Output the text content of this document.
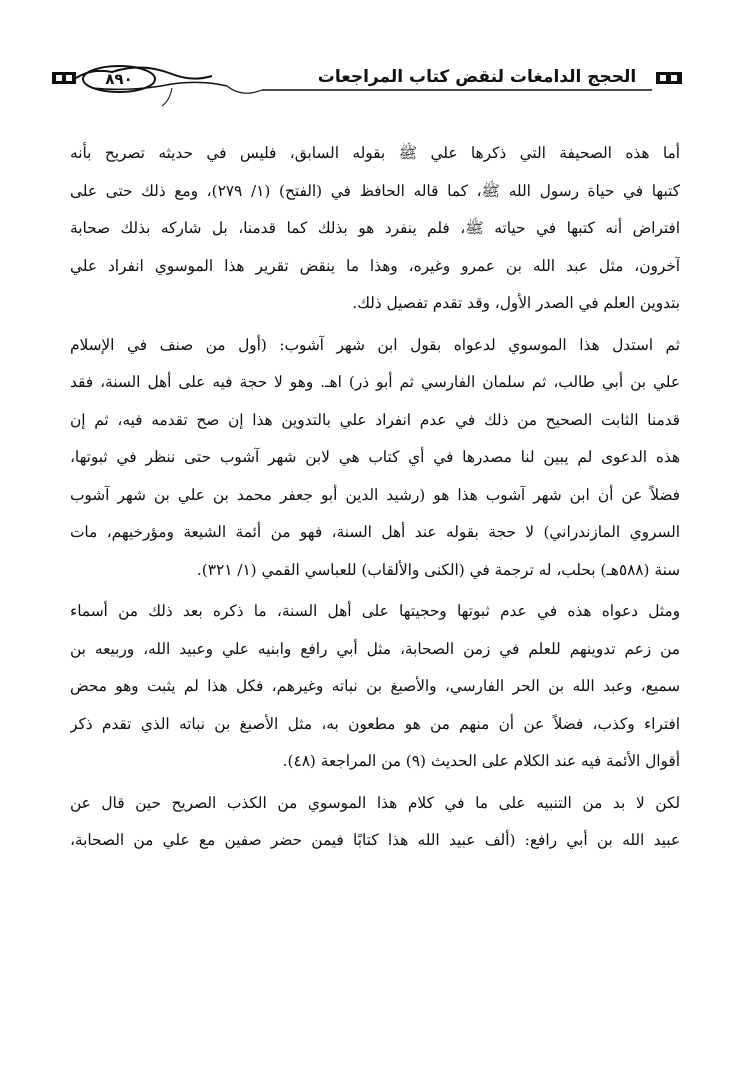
٨٩٠	الحجج الدامغات لنقض كتاب المراجعات
أما هذه الصحيفة التي ذكرها علي ﷺ بقوله السابق، فليس في حديثه تصريح بأنه
كتبها في حياة رسول الله ﷺ، كما قاله الحافظ في (الفتح) (١/ ٢٧٩)، ومع ذلك حتى على
افتراض أنه كتبها في حياته ﷺ، فلم ينفرد هو بذلك كما قدمنا، بل شاركه بذلك صحابة
آخرون، مثل عبد الله بن عمرو وغيره، وهذا ما ينقض تقرير هذا الموسوي انفراد علي
بتدوين العلم في الصدر الأول، وقد تقدم تفصيل ذلك.
ثم استدل هذا الموسوي لدعواه بقول ابن شهر آشوب: (أول من صنف في الإسلام
علي بن أبي طالب، ثم سلمان الفارسي ثم أبو ذر) اهـ. وهو لا حجة فيه على أهل السنة، فقد
قدمنا الثابت الصحيح من ذلك في عدم انفراد علي بالتدوين هذا إن صح تقدمه فيه، ثم إن
هذه الدعوى لم يبين لنا مصدرها في أي كتاب هي لابن شهر آشوب حتى ننظر في ثبوتها،
فضلاً عن أن ابن شهر آشوب هذا هو (رشيد الدين أبو جعفر محمد بن علي بن شهر آشوب
السروي المازندراني) لا حجة بقوله عند أهل السنة، فهو من أئمة الشيعة ومؤرخيهم، مات
سنة (٥٨٨هـ) بحلب، له ترجمة في (الكنى والألقاب) للعباسي القمي (١/ ٣٢١).
ومثل دعواه هذه في عدم ثبوتها وحجيتها على أهل السنة، ما ذكره بعد ذلك من أسماء
من زعم تدوينهم للعلم في زمن الصحابة، مثل أبي رافع وابنيه علي وعبيد الله، وربيعه بن
سميع، وعبد الله بن الحر الفارسي، والأصبغ بن نباته وغيرهم، فكل هذا لم يثبت وهو محض
افتراء وكذب، فضلاً عن أن منهم من هو مطعون به، مثل الأصبغ بن نباته الذي تقدم ذكر
أقوال الأئمة فيه عند الكلام على الحديث (٩) من المراجعة (٤٨).
لكن لا بد من التنبيه على ما في كلام هذا الموسوي من الكذب الصريح حين قال عن
عبيد الله بن أبي رافع: (ألف عبيد الله هذا كتابًا فيمن حضر صفين مع علي من الصحابة،
